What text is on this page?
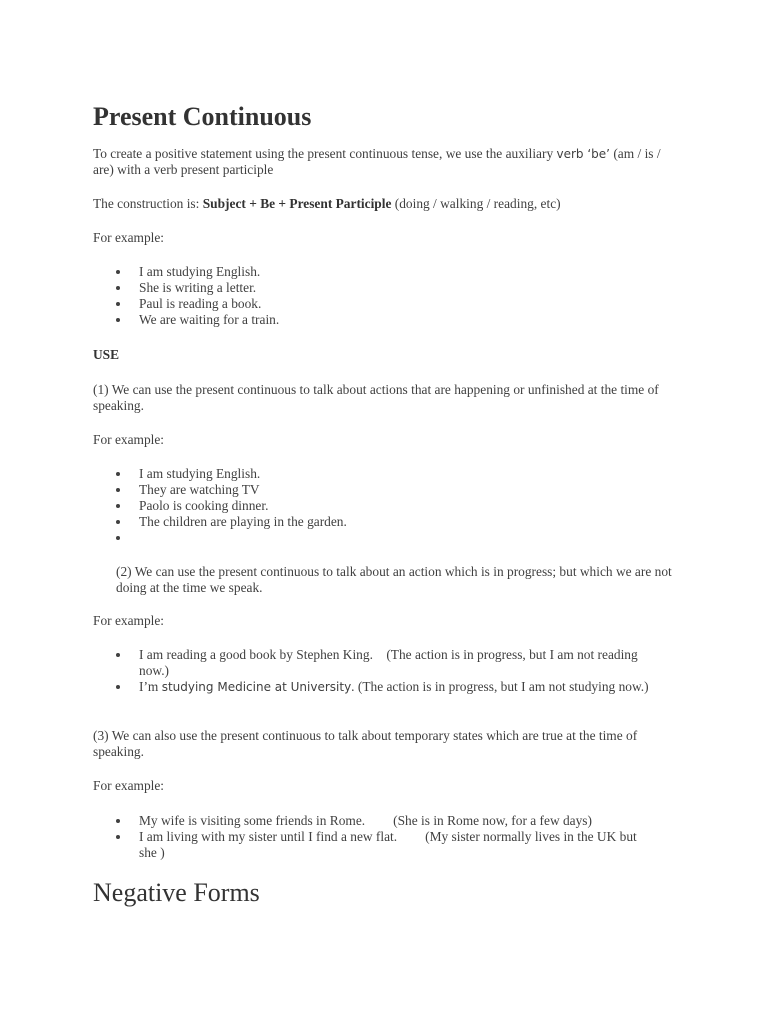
Present Continuous

To create a positive statement using the present continuous tense, we use the auxiliary verb ‘be’ (am / is / are) with a verb present participle

The construction is: Subject + Be + Present Participle (doing / walking / reading, etc)

For example:

I am studying English.
She is writing a letter.
Paul is reading a book.
We are waiting for a train.

USE

(1) We can use the present continuous to talk about actions that are happening or unfinished at the time of speaking.

For example:

I am studying English.
They are watching TV
Paolo is cooking dinner.
The children are playing in the garden.

(2) We can use the present continuous to talk about an action which is in progress; but which we are not doing at the time we speak.

For example:

I am reading a good book by Stephen King. (The action is in progress, but I am not reading now.)
I’m studying Medicine at University. (The action is in progress, but I am not studying now.)

(3) We can also use the present continuous to talk about temporary states which are true at the time of speaking.

For example:

My wife is visiting some friends in Rome. (She is in Rome now, for a few days)
I am living with my sister until I find a new flat. (My sister normally lives in the UK but she )
Negative Forms
